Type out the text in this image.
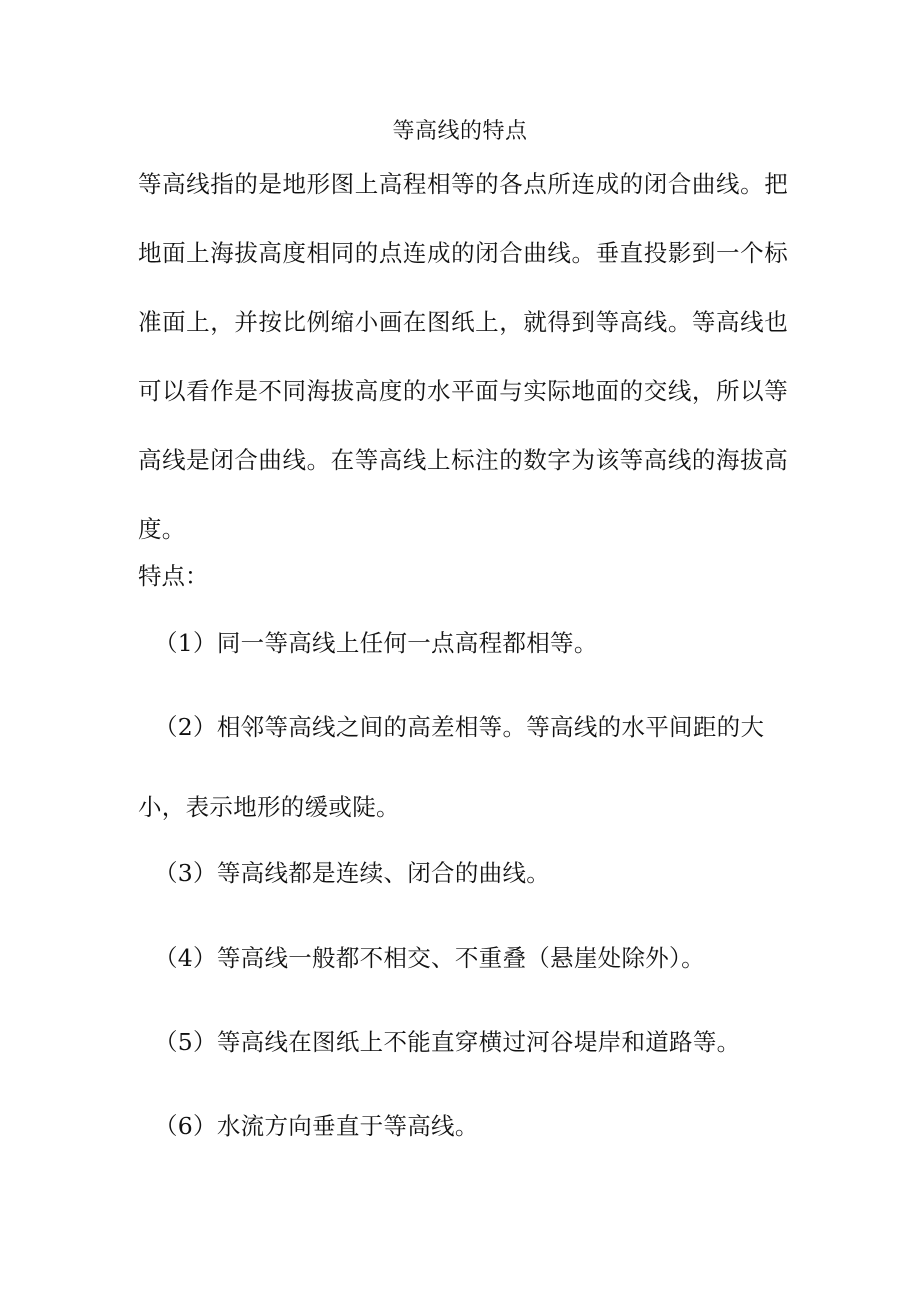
等高线的特点
等高线指的是地形图上高程相等的各点所连成的闭合曲线。把地面上海拔高度相同的点连成的闭合曲线。垂直投影到一个标准面上，并按比例缩小画在图纸上，就得到等高线。等高线也可以看作是不同海拔高度的水平面与实际地面的交线，所以等高线是闭合曲线。在等高线上标注的数字为该等高线的海拔高度。
特点：
（1）同一等高线上任何一点高程都相等。
（2）相邻等高线之间的高差相等。等高线的水平间距的大
小，表示地形的缓或陡。
（3）等高线都是连续、闭合的曲线。
（4）等高线一般都不相交、不重叠（悬崖处除外）。
（5）等高线在图纸上不能直穿横过河谷堤岸和道路等。
（6）水流方向垂直于等高线。
